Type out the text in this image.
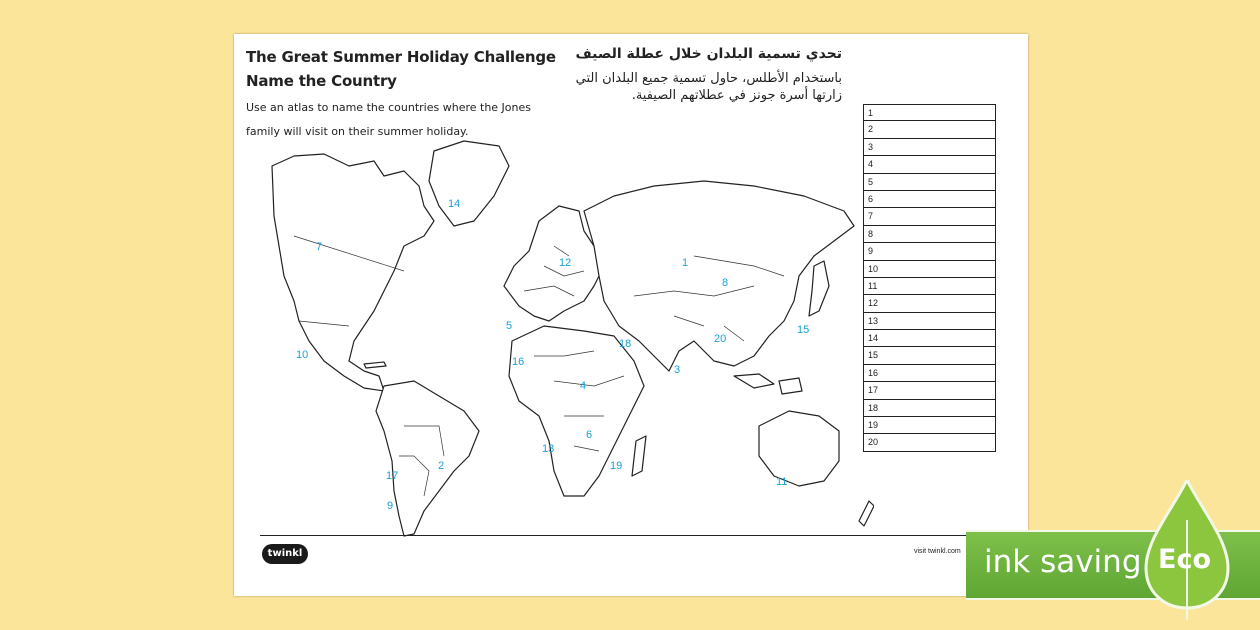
The Great Summer Holiday Challenge
Name the Country
Use an atlas to name the countries where the Jones family will visit on their summer holiday.
تحدي تسمية البلدان خلال عطلة الصيف
باستخدام الأطلس، حاول تسمية جميع البلدان التي زارتها أسرة جونز في عطلاتهم الصيفية.
1
2
3
4
5
6
7
8
9
10
11
12
13
14
15
16
17
18
19
20
1
2
3
4
5
6
7
8
9
10
11
12
13
14
15
16
17
18
19
20
twinkl	visit twinkl.com ink saving Eco
